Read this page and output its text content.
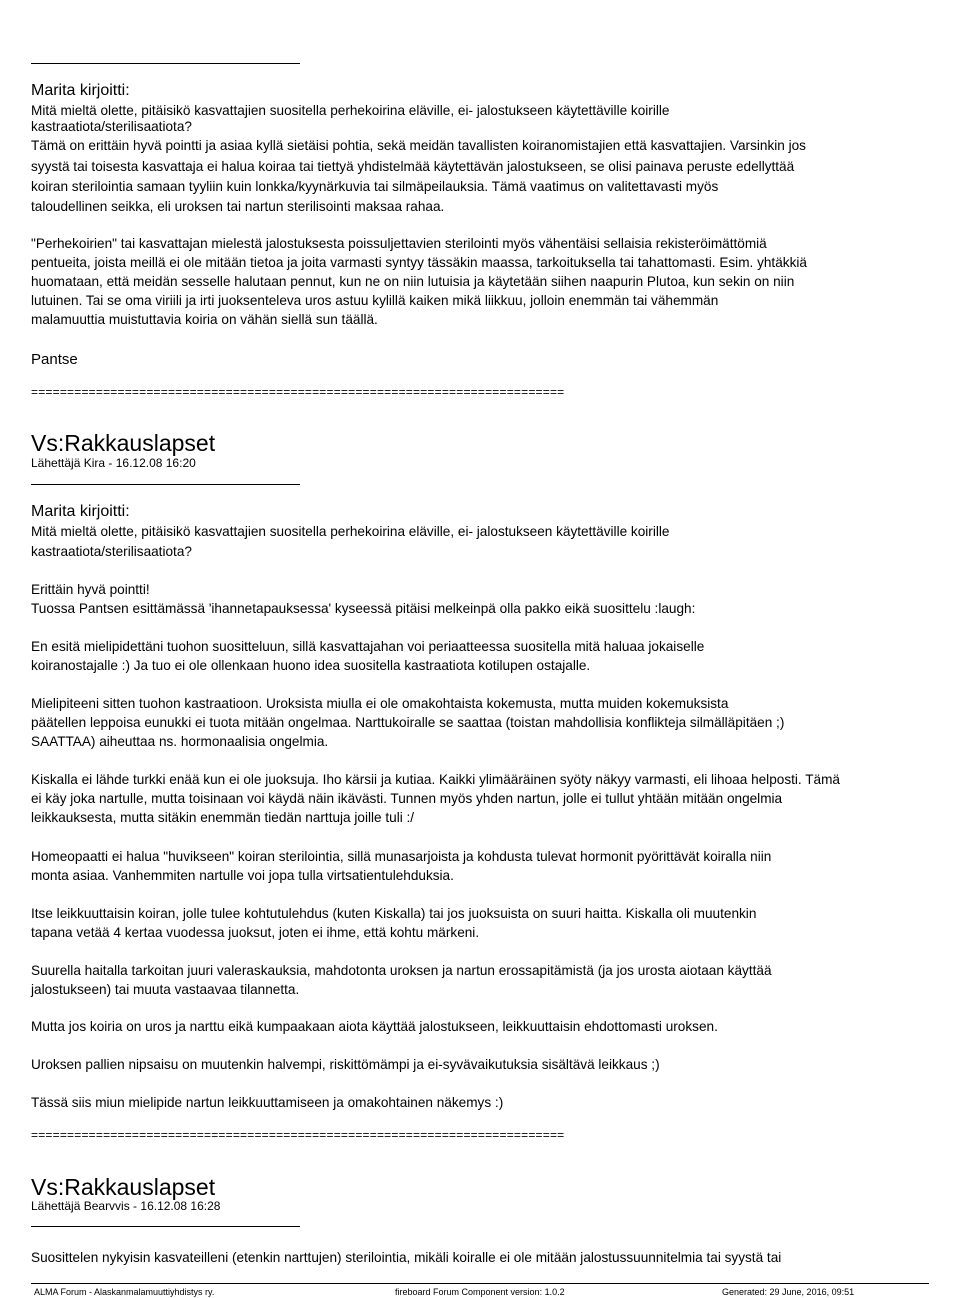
Marita kirjoitti:
Mitä mieltä olette, pitäisikö kasvattajien suositella perhekoirina eläville, ei- jalostukseen käytettäville koirille
kastraatiota/sterilisaatiota?
Tämä on erittäin hyvä pointti ja asiaa kyllä sietäisi pohtia, sekä meidän tavallisten koiranomistajien että kasvattajien. Varsinkin jos
syystä tai toisesta kasvattaja ei halua koiraa tai tiettyä yhdistelmää käytettävän jalostukseen, se olisi painava peruste edellyttää
koiran sterilointia samaan tyyliin kuin lonkka/kyynärkuvia tai silmäpeilauksia. Tämä vaatimus on valitettavasti myös
taloudellinen seikka, eli uroksen tai nartun sterilisointi maksaa rahaa.
"Perhekoirien" tai kasvattajan mielestä jalostuksesta poissuljettavien sterilointi myös vähentäisi sellaisia rekisteröimättömiä
pentueita, joista meillä ei ole mitään tietoa ja joita varmasti syntyy tässäkin maassa, tarkoituksella tai tahattomasti. Esim. yhtäkkiä
huomataan, että meidän sesselle halutaan pennut, kun ne on niin lutuisia ja käytetään siihen naapurin Plutoa, kun sekin on niin
lutuinen. Tai se oma viriili ja irti juoksenteleva uros astuu kylillä kaiken mikä liikkuu, jolloin enemmän tai vähemmän
malamuuttia muistuttavia koiria on vähän siellä sun täällä.
Pantse
==========================================================================
Vs:Rakkauslapset
Lähettäjä Kira - 16.12.08 16:20
Marita kirjoitti:
Mitä mieltä olette, pitäisikö kasvattajien suositella perhekoirina eläville, ei- jalostukseen käytettäville koirille
kastraatiota/sterilisaatiota?
Erittäin hyvä pointti!
Tuossa Pantsen esittämässä 'ihannetapauksessa' kyseessä pitäisi melkeinpä olla pakko eikä suosittelu :laugh:
En esitä mielipidettäni tuohon suositteluun, sillä kasvattajahan voi periaatteessa suositella mitä haluaa jokaiselle
koiranostajalle :) Ja tuo ei ole ollenkaan huono idea suositella kastraatiota kotilupen ostajalle.
Mielipiteeni sitten tuohon kastraatioon. Uroksista miulla ei ole omakohtaista kokemusta, mutta muiden kokemuksista
päätellen leppoisa eunukki ei tuota mitään ongelmaa. Narttukoiralle se saattaa (toistan mahdollisia konflikteja silmälläpitäen ;)
SAATTAA) aiheuttaa ns. hormonaalisia ongelmia.
Kiskalla ei lähde turkki enää kun ei ole juoksuja. Iho kärsii ja kutiaa. Kaikki ylimääräinen syöty näkyy varmasti, eli lihoaa helposti. Tämä
ei käy joka nartulle, mutta toisinaan voi käydä näin ikävästi. Tunnen myös yhden nartun, jolle ei tullut yhtään mitään ongelmia
leikkauksesta, mutta sitäkin enemmän tiedän narttuja joille tuli :/
Homeopaatti ei halua "huvikseen" koiran sterilointia, sillä munasarjoista ja kohdusta tulevat hormonit pyörittävät koiralla niin
monta asiaa. Vanhemmiten nartulle voi jopa tulla virtsatientulehduksia.
Itse leikkuuttaisin koiran, jolle tulee kohtutulehdus (kuten Kiskalla) tai jos juoksuista on suuri haitta. Kiskalla oli muutenkin
tapana vetää 4 kertaa vuodessa juoksut, joten ei ihme, että kohtu märkeni.
Suurella haitalla tarkoitan juuri valeraskauksia, mahdotonta uroksen ja nartun erossapitämistä (ja jos urosta aiotaan käyttää
jalostukseen) tai muuta vastaavaa tilannetta.
Mutta jos koiria on uros ja narttu eikä kumpaakaan aiota käyttää jalostukseen, leikkuuttaisin ehdottomasti uroksen.
Uroksen pallien nipsaisu on muutenkin halvempi, riskittömämpi ja ei-syvävaikutuksia sisältävä leikkaus ;)
Tässä siis miun mielipide nartun leikkuuttamiseen ja omakohtainen näkemys :)
==========================================================================
Vs:Rakkauslapset
Lähettäjä Bearvvis - 16.12.08 16:28
Suosittelen nykyisin kasvateilleni (etenkin narttujen) sterilointia, mikäli koiralle ei ole mitään jalostussuunnitelmia tai syystä tai
ALMA Forum - Alaskanmalamuuttiyhdistys ry.	fireboard Forum Component version: 1.0.2	Generated: 29 June, 2016, 09:51
